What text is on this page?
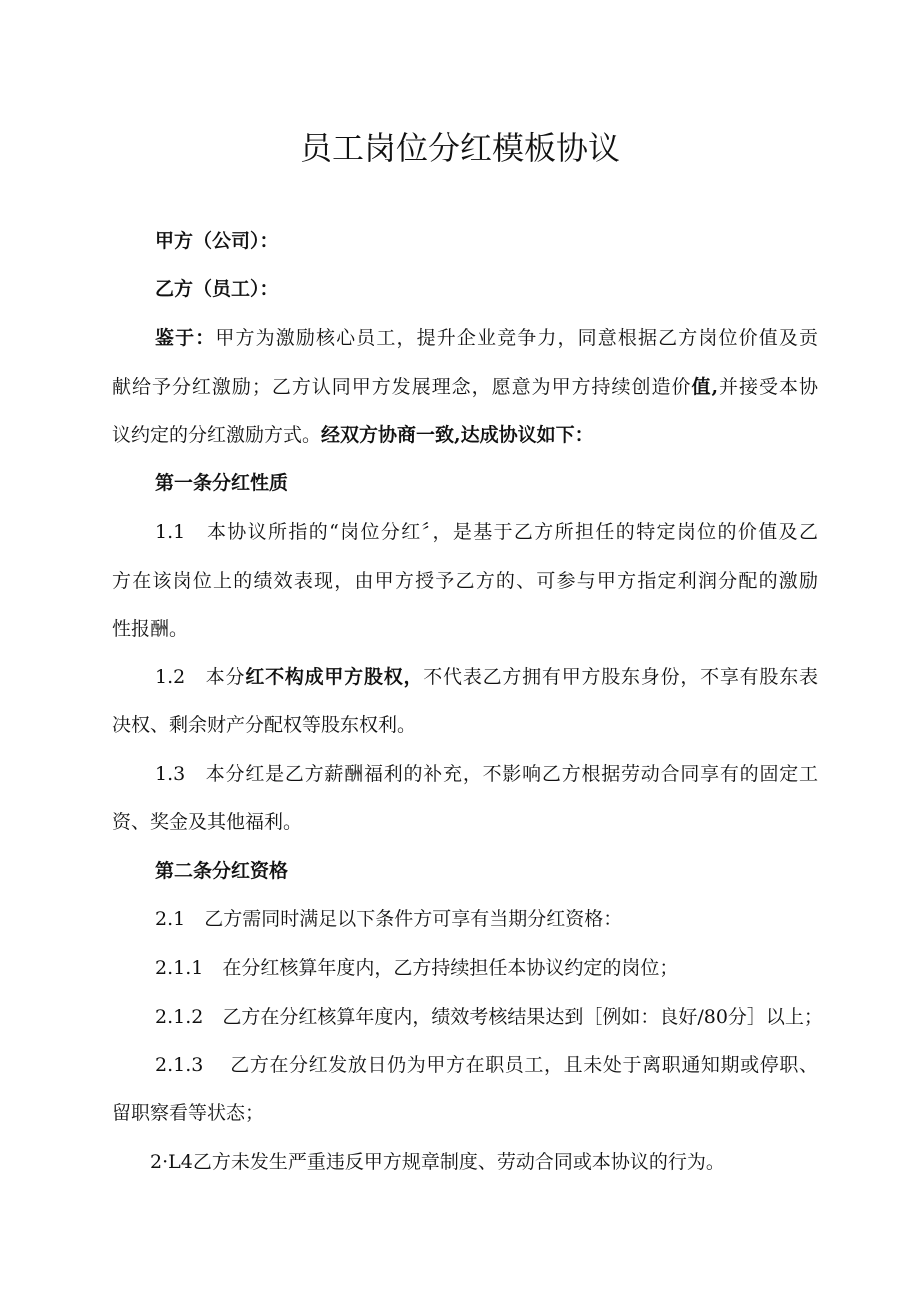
员工岗位分红模板协议

甲方（公司）：

乙方（员工）：

鉴于：甲方为激励核心员工，提升企业竞争力，同意根据乙方岗位价值及贡

献给予分红激励；乙方认同甲方发展理念，愿意为甲方持续创造价值,并接受本协

议约定的分红激励方式。经双方协商一致,达成协议如下：

第一条分红性质

1.1　本协议所指的“岗位分红〞，是基于乙方所担任的特定岗位的价值及乙

方在该岗位上的绩效表现，由甲方授予乙方的、可参与甲方指定利润分配的激励

性报酬。

1.2　本分红不构成甲方股权，不代表乙方拥有甲方股东身份，不享有股东表

决权、剩余财产分配权等股东权利。

1.3　本分红是乙方薪酬福利的补充，不影响乙方根据劳动合同享有的固定工

资、奖金及其他福利。

第二条分红资格

2.1　乙方需同时满足以下条件方可享有当期分红资格：

2.1.1　在分红核算年度内，乙方持续担任本协议约定的岗位；

2.1.2　乙方在分红核算年度内，绩效考核结果达到［例如：良好/80分］以上；

2.1.3　 乙方在分红发放日仍为甲方在职员工，且未处于离职通知期或停职、

留职察看等状态；

2·L4乙方未发生严重违反甲方规章制度、劳动合同或本协议的行为。
